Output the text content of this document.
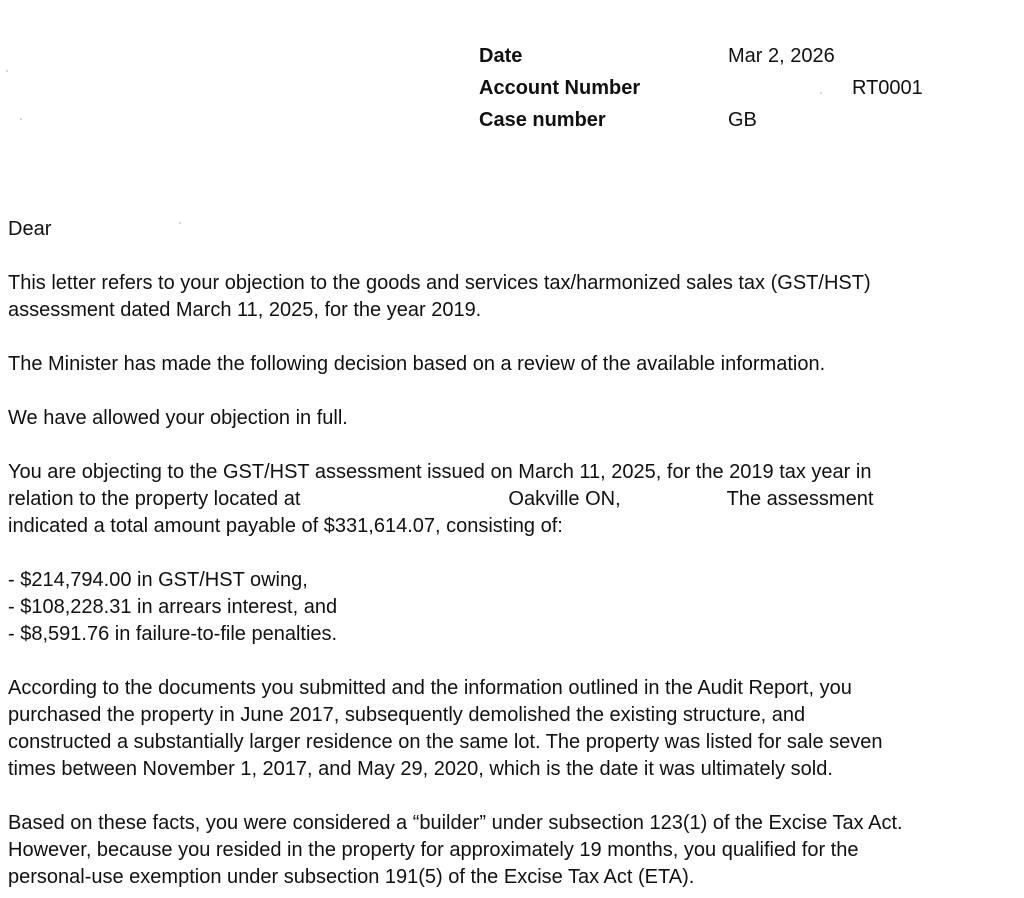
Date	Mar 2, 2026
Account Number	RT0001
Case number	GB

Dear

This letter refers to your objection to the goods and services tax/harmonized sales tax (GST/HST)
assessment dated March 11, 2025, for the year 2019.

The Minister has made the following decision based on a review of the available information.

We have allowed your objection in full.

You are objecting to the GST/HST assessment issued on March 11, 2025, for the 2019 tax year in
relation to the property located at	Oakville ON,	The assessment
indicated a total amount payable of $331,614.07, consisting of:
- $214,794.00 in GST/HST owing,
- $108,228.31 in arrears interest, and
- $8,591.76 in failure-to-file penalties.

According to the documents you submitted and the information outlined in the Audit Report, you
purchased the property in June 2017, subsequently demolished the existing structure, and
constructed a substantially larger residence on the same lot. The property was listed for sale seven
times between November 1, 2017, and May 29, 2020, which is the date it was ultimately sold.

Based on these facts, you were considered a “builder” under subsection 123(1) of the Excise Tax Act.
However, because you resided in the property for approximately 19 months, you qualified for the
personal-use exemption under subsection 191(5) of the Excise Tax Act (ETA).
